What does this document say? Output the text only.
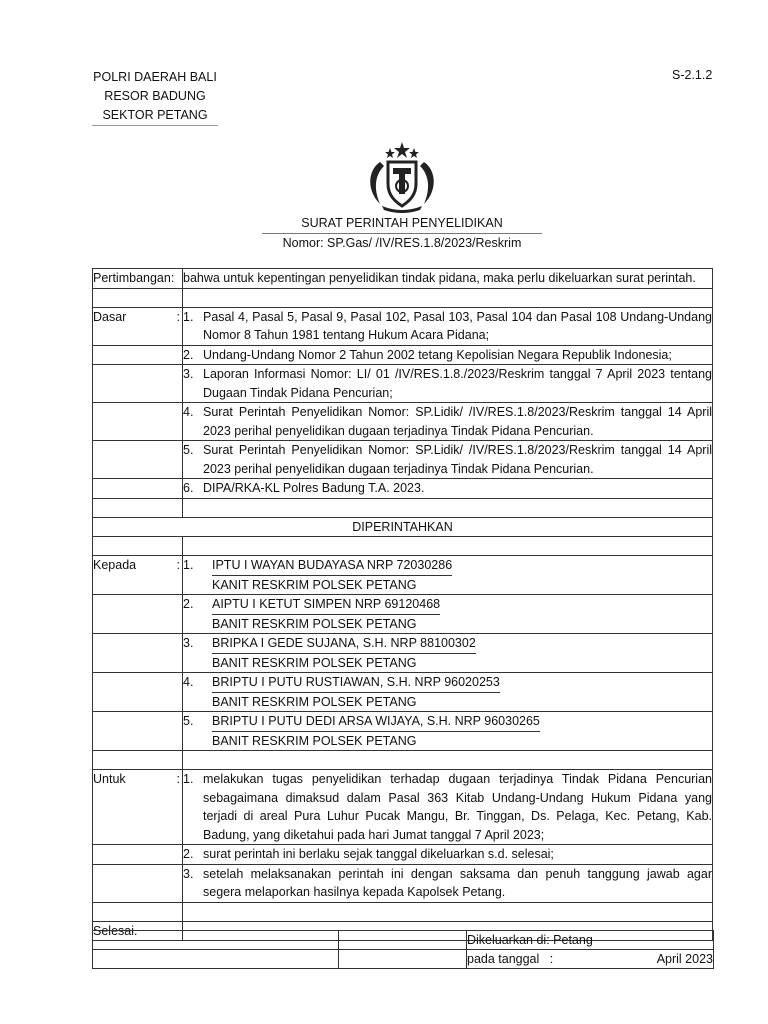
POLRI DAERAH BALI
RESOR BADUNG
SEKTOR PETANG
S-2.1.2
SURAT PERINTAH PENYELIDIKAN
Nomor: SP.Gas/ /IV/RES.1.8/2023/Reskrim
Pertimbangan:	bahwa untuk kepentingan penyelidikan tindak pidana, maka perlu dikeluarkan surat perintah.

Dasar :	1. Pasal 4, Pasal 5, Pasal 9, Pasal 102, Pasal 103, Pasal 104 dan Pasal 108 Undang-Undang Nomor 8 Tahun 1981 tentang Hukum Acara Pidana;

	2. Undang-Undang Nomor 2 Tahun 2002 tetang Kepolisian Negara Republik Indonesia;

	3. Laporan Informasi Nomor: LI/ 01 /IV/RES.1.8./2023/Reskrim tanggal 7 April 2023 tentang Dugaan Tindak Pidana Pencurian;

	4. Surat Perintah Penyelidikan Nomor: SP.Lidik/ /IV/RES.1.8/2023/Reskrim tanggal 14 April 2023 perihal penyelidikan dugaan terjadinya Tindak Pidana Pencurian.

	5. Surat Perintah Penyelidikan Nomor: SP.Lidik/ /IV/RES.1.8/2023/Reskrim tanggal 14 April 2023 perihal penyelidikan dugaan terjadinya Tindak Pidana Pencurian.

	6. DIPA/RKA-KL Polres Badung T.A. 2023.

DIPERINTAHKAN	

Kepada :	1. IPTU I WAYAN BUDAYASA NRP 72030286
KANIT RESKRIM POLSEK PETANG

	2. AIPTU I KETUT SIMPEN NRP 69120468
BANIT RESKRIM POLSEK PETANG

	3. BRIPKA I GEDE SUJANA, S.H. NRP 88100302
BANIT RESKRIM POLSEK PETANG

	4. BRIPTU I PUTU RUSTIAWAN, S.H. NRP 96020253
BANIT RESKRIM POLSEK PETANG

	5. BRIPTU I PUTU DEDI ARSA WIJAYA, S.H. NRP 96030265
BANIT RESKRIM POLSEK PETANG

Untuk :	1. melakukan tugas penyelidikan terhadap dugaan terjadinya Tindak Pidana Pencurian sebagaimana dimaksud dalam Pasal 363 Kitab Undang-Undang Hukum Pidana yang terjadi di areal Pura Luhur Pucak Mangu, Br. Tinggan, Ds. Pelaga, Kec. Petang, Kab. Badung, yang diketahui pada hari Jumat tanggal 7 April 2023;

	2. surat perintah ini berlaku sejak tanggal dikeluarkan s.d. selesai;

	3. setelah melaksanakan perintah ini dengan saksama dan penuh tanggung jawab agar segera melaporkan hasilnya kepada Kapolsek Petang.

Selesai.	
		Dikeluarkan di: Petang

		pada tanggal : April 2023
